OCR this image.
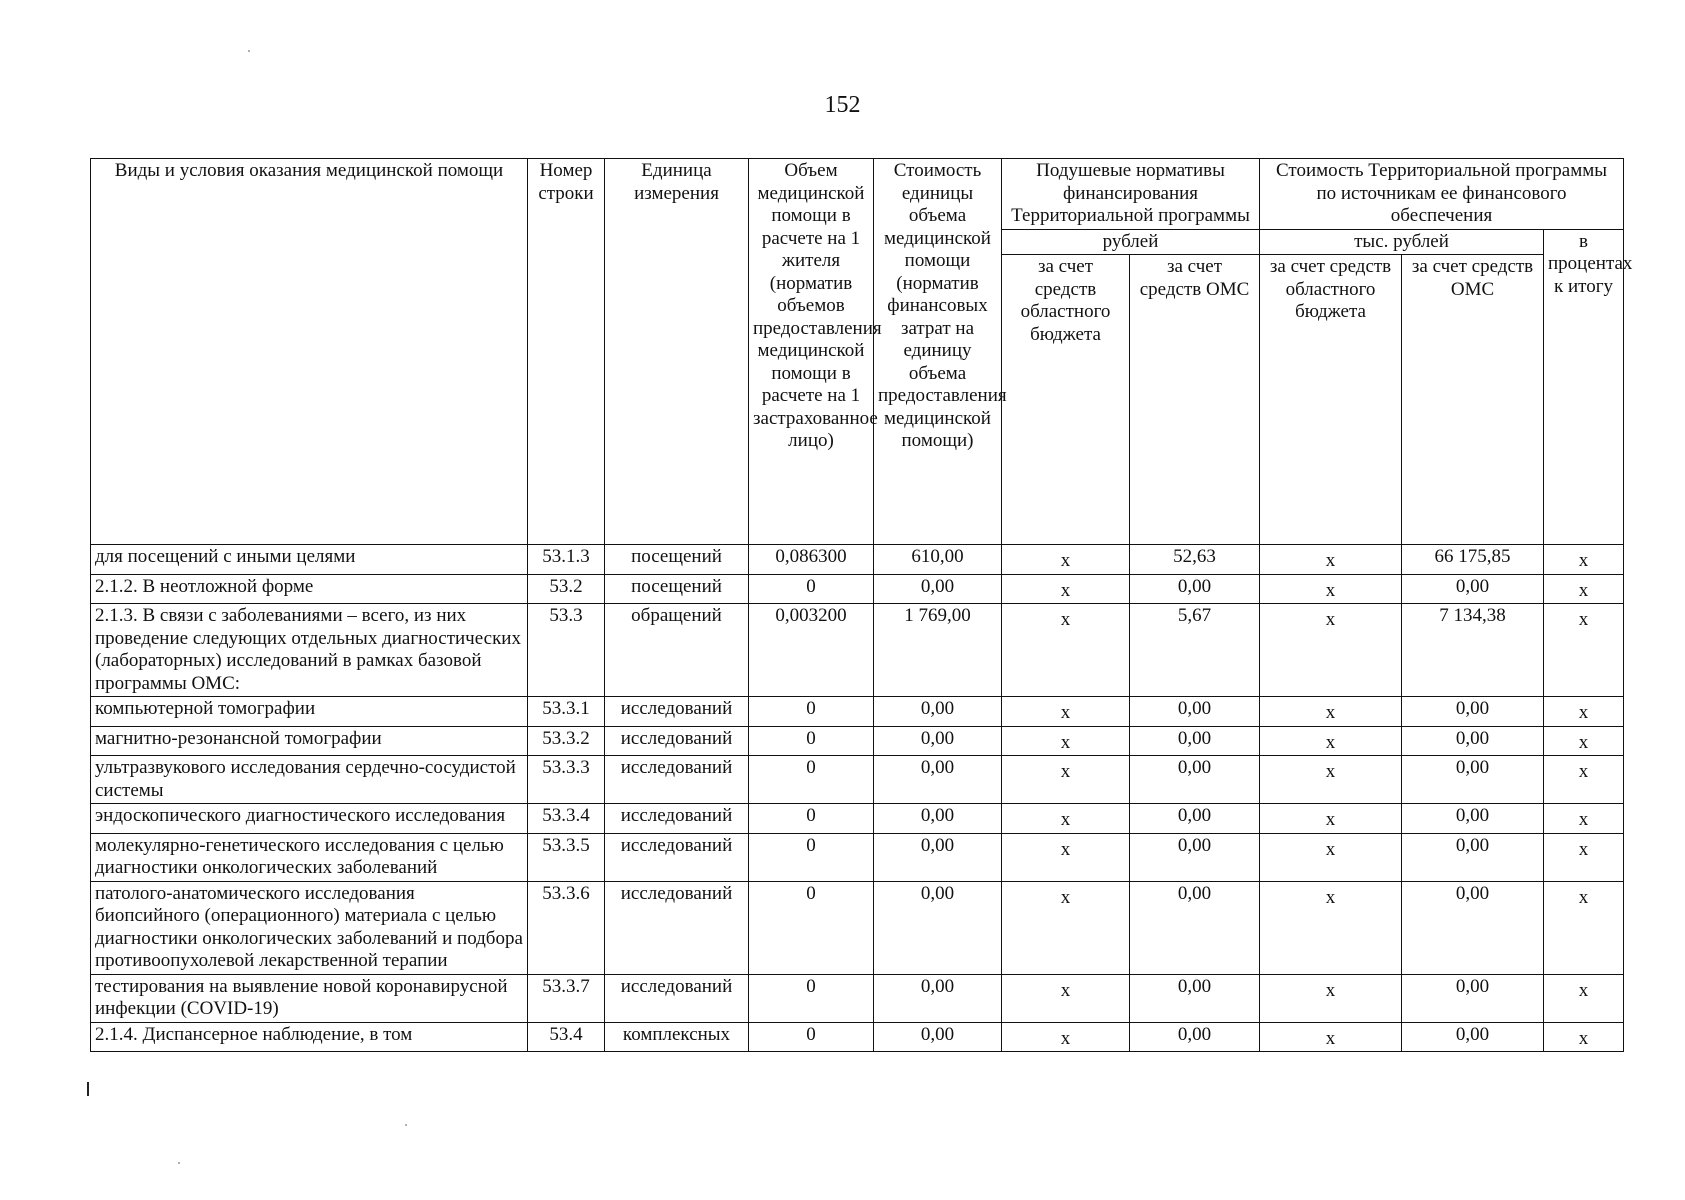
152
Виды и условия оказания медицинской помощи	Номер строки	Единица измерения	Объем медицинской помощи в расчете на 1 жителя (норматив объемов предоставления медицинской помощи в расчете на 1 застрахованное лицо)	Стоимость единицы объема медицинской помощи (норматив финансовых затрат на единицу объема предоставления медицинской помощи)	Подушевые нормативы финансирования Территориальной программы		Стоимость Территориальной программы по источникам ее финансового обеспечения		
					рублей		тыс. рублей		в процентах к итогу
					за счет средств областного бюджета	за счет средств ОМС	за счет средств областного бюджета	за счет средств ОМС	
для посещений с иными целями	53.1.3	посещений	0,086300	610,00	х	52,63	х	66 175,85	х
2.1.2. В неотложной форме	53.2	посещений	0	0,00	х	0,00	х	0,00	х
2.1.3. В связи с заболеваниями – всего, из них проведение следующих отдельных диагностических (лабораторных) исследований в рамках базовой программы ОМС:	53.3	обращений	0,003200	1 769,00	х	5,67	х	7 134,38	х
компьютерной томографии	53.3.1	исследований	0	0,00	х	0,00	х	0,00	х
магнитно-резонансной томографии	53.3.2	исследований	0	0,00	х	0,00	х	0,00	х
ультразвукового исследования сердечно-сосудистой системы	53.3.3	исследований	0	0,00	х	0,00	х	0,00	х
эндоскопического диагностического исследования	53.3.4	исследований	0	0,00	х	0,00	х	0,00	х
молекулярно-генетического исследования с целью диагностики онкологических заболеваний	53.3.5	исследований	0	0,00	х	0,00	х	0,00	х
патолого-анатомического исследования биопсийного (операционного) материала с целью диагностики онкологических заболеваний и подбора противоопухолевой лекарственной терапии	53.3.6	исследований	0	0,00	х	0,00	х	0,00	х
тестирования на выявление новой коронавирусной инфекции (COVID-19)	53.3.7	исследований	0	0,00	х	0,00	х	0,00	х
2.1.4. Диспансерное наблюдение, в том	53.4	комплексных	0	0,00	х	0,00	х	0,00	х
